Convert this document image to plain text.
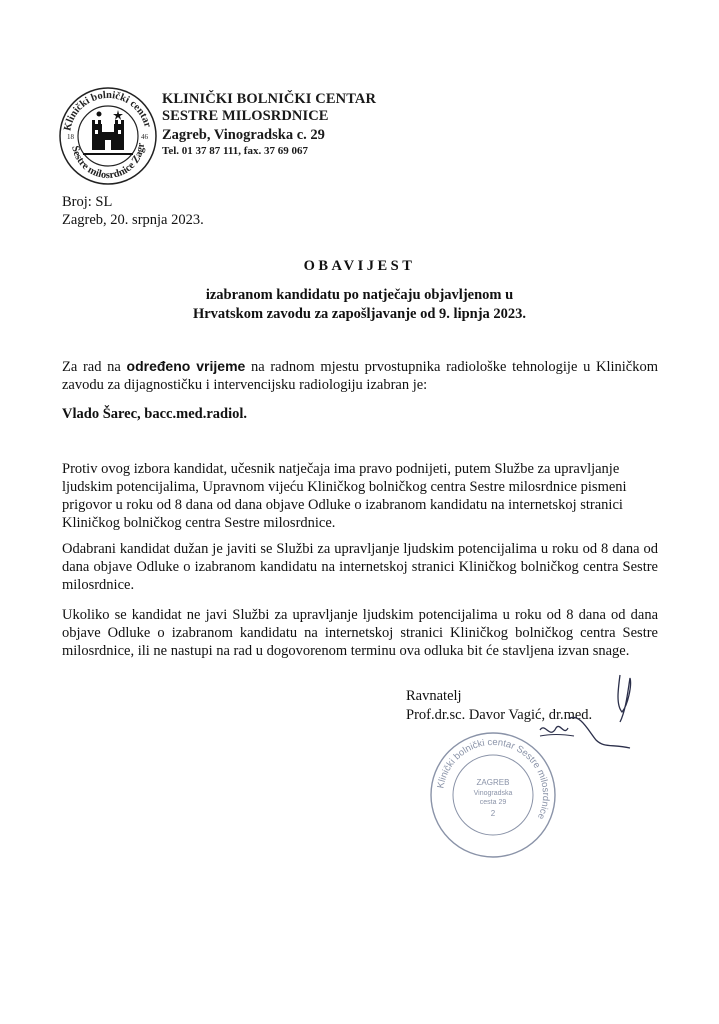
Klinički bolnički centar
Sestre milosrdnice Zagr
18	46
KLINIČKI BOLNIČKI CENTAR
SESTRE MILOSRDNICE
Zagreb, Vinogradska c. 29
Tel. 01 37 87 111, fax. 37 69 067
Broj: SL
Zagreb, 20. srpnja 2023.
OBAVIJEST
izabranom kandidatu po natječaju objavljenom u
Hrvatskom zavodu za zapošljavanje od 9. lipnja 2023.
Za rad na određeno vrijeme na radnom mjestu prvostupnika radiološke tehnologije u Kliničkom zavodu za dijagnostičku i intervencijsku radiologiju izabran je:
Vlado Šarec, bacc.med.radiol.
Protiv ovog izbora kandidat, učesnik natječaja ima pravo podnijeti, putem Službe za upravljanje
ljudskim potencijalima, Upravnom vijeću Kliničkog bolničkog centra Sestre milosrdnice pismeni
prigovor u roku od 8 dana od dana objave Odluke o izabranom kandidatu na internetskoj stranici
Kliničkog bolničkog centra Sestre milosrdnice.
Odabrani kandidat dužan je javiti se Službi za upravljanje ljudskim potencijalima u roku od 8 dana od dana objave Odluke o izabranom kandidatu na internetskoj stranici Kliničkog bolničkog centra Sestre milosrdnice.
Ukoliko se kandidat ne javi Službi za upravljanje ljudskim potencijalima u roku od 8 dana od dana objave Odluke o izabranom kandidatu na internetskoj stranici Kliničkog bolničkog centra Sestre milosrdnice, ili ne nastupi na rad u dogovorenom terminu ova odluka bit će stavljena izvan snage.
Ravnatelj
Prof.dr.sc. Davor Vagić, dr.med.
Klinički bolnički centar Sestre milosrdnice
ZAGREB
Vinogradska
cesta 29
2
